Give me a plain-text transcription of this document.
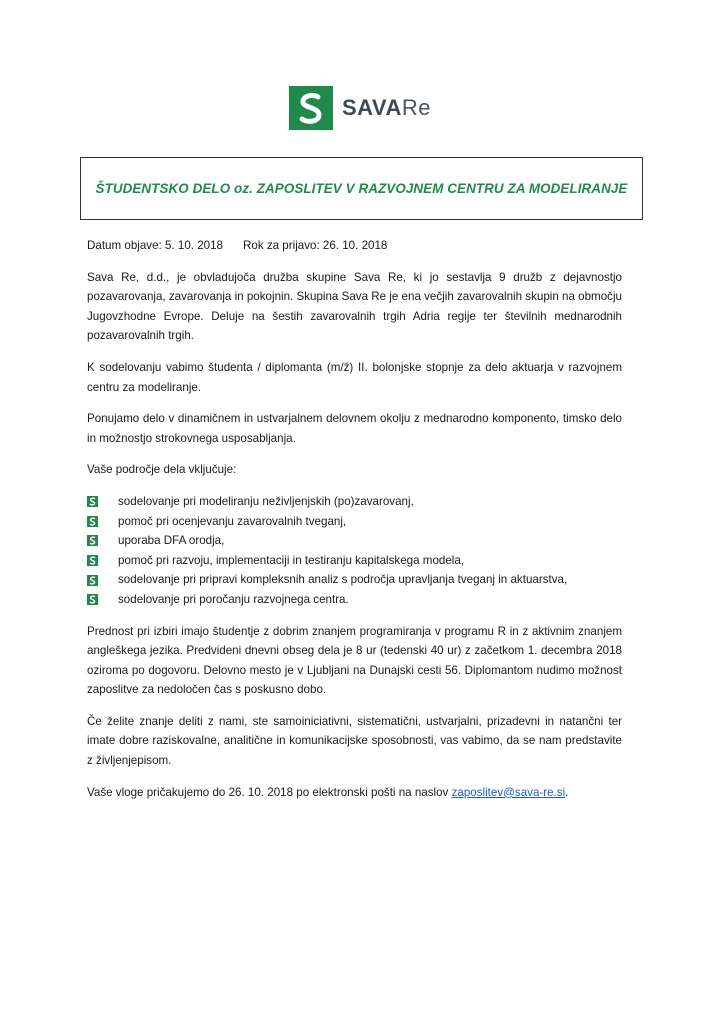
SAVARe
ŠTUDENTSKO DELO oz. ZAPOSLITEV V RAZVOJNEM CENTRU ZA MODELIRANJE
Datum objave: 5. 10. 2018 Rok za prijavo: 26. 10. 2018

Sava Re, d.d., je obvladujoča družba skupine Sava Re, ki jo sestavlja 9 družb z dejavnostjo pozavarovanja, zavarovanja in pokojnin. Skupina Sava Re je ena večjih zavarovalnih skupin na območju Jugovzhodne Evrope. Deluje na šestih zavarovalnih trgih Adria regije ter številnih mednarodnih pozavarovalnih trgih.

K sodelovanju vabimo študenta / diplomanta (m/ž) II. bolonjske stopnje za delo aktuarja v razvojnem centru za modeliranje.

Ponujamo delo v dinamičnem in ustvarjalnem delovnem okolju z mednarodno komponento, timsko delo in možnostjo strokovnega usposabljanja.

Vaše področje dela vključuje:

sodelovanje pri modeliranju neživljenjskih (po)zavarovanj,
pomoč pri ocenjevanju zavarovalnih tveganj,
uporaba DFA orodja,
pomoč pri razvoju, implementaciji in testiranju kapitalskega modela,
sodelovanje pri pripravi kompleksnih analiz s področja upravljanja tveganj in aktuarstva,
sodelovanje pri poročanju razvojnega centra.

Prednost pri izbiri imajo študentje z dobrim znanjem programiranja v programu R in z aktivnim znanjem angleškega jezika. Predvideni dnevni obseg dela je 8 ur (tedenski 40 ur) z začetkom 1. decembra 2018 oziroma po dogovoru. Delovno mesto je v Ljubljani na Dunajski cesti 56. Diplomantom nudimo možnost zaposlitve za nedoločen čas s poskusno dobo.

Če želite znanje deliti z nami, ste samoiniciativni, sistematični, ustvarjalni, prizadevni in natančni ter imate dobre raziskovalne, analitične in komunikacijske sposobnosti, vas vabimo, da se nam predstavite z življenjepisom.

Vaše vloge pričakujemo do 26. 10. 2018 po elektronski pošti na naslov zaposlitev@sava-re.si.
